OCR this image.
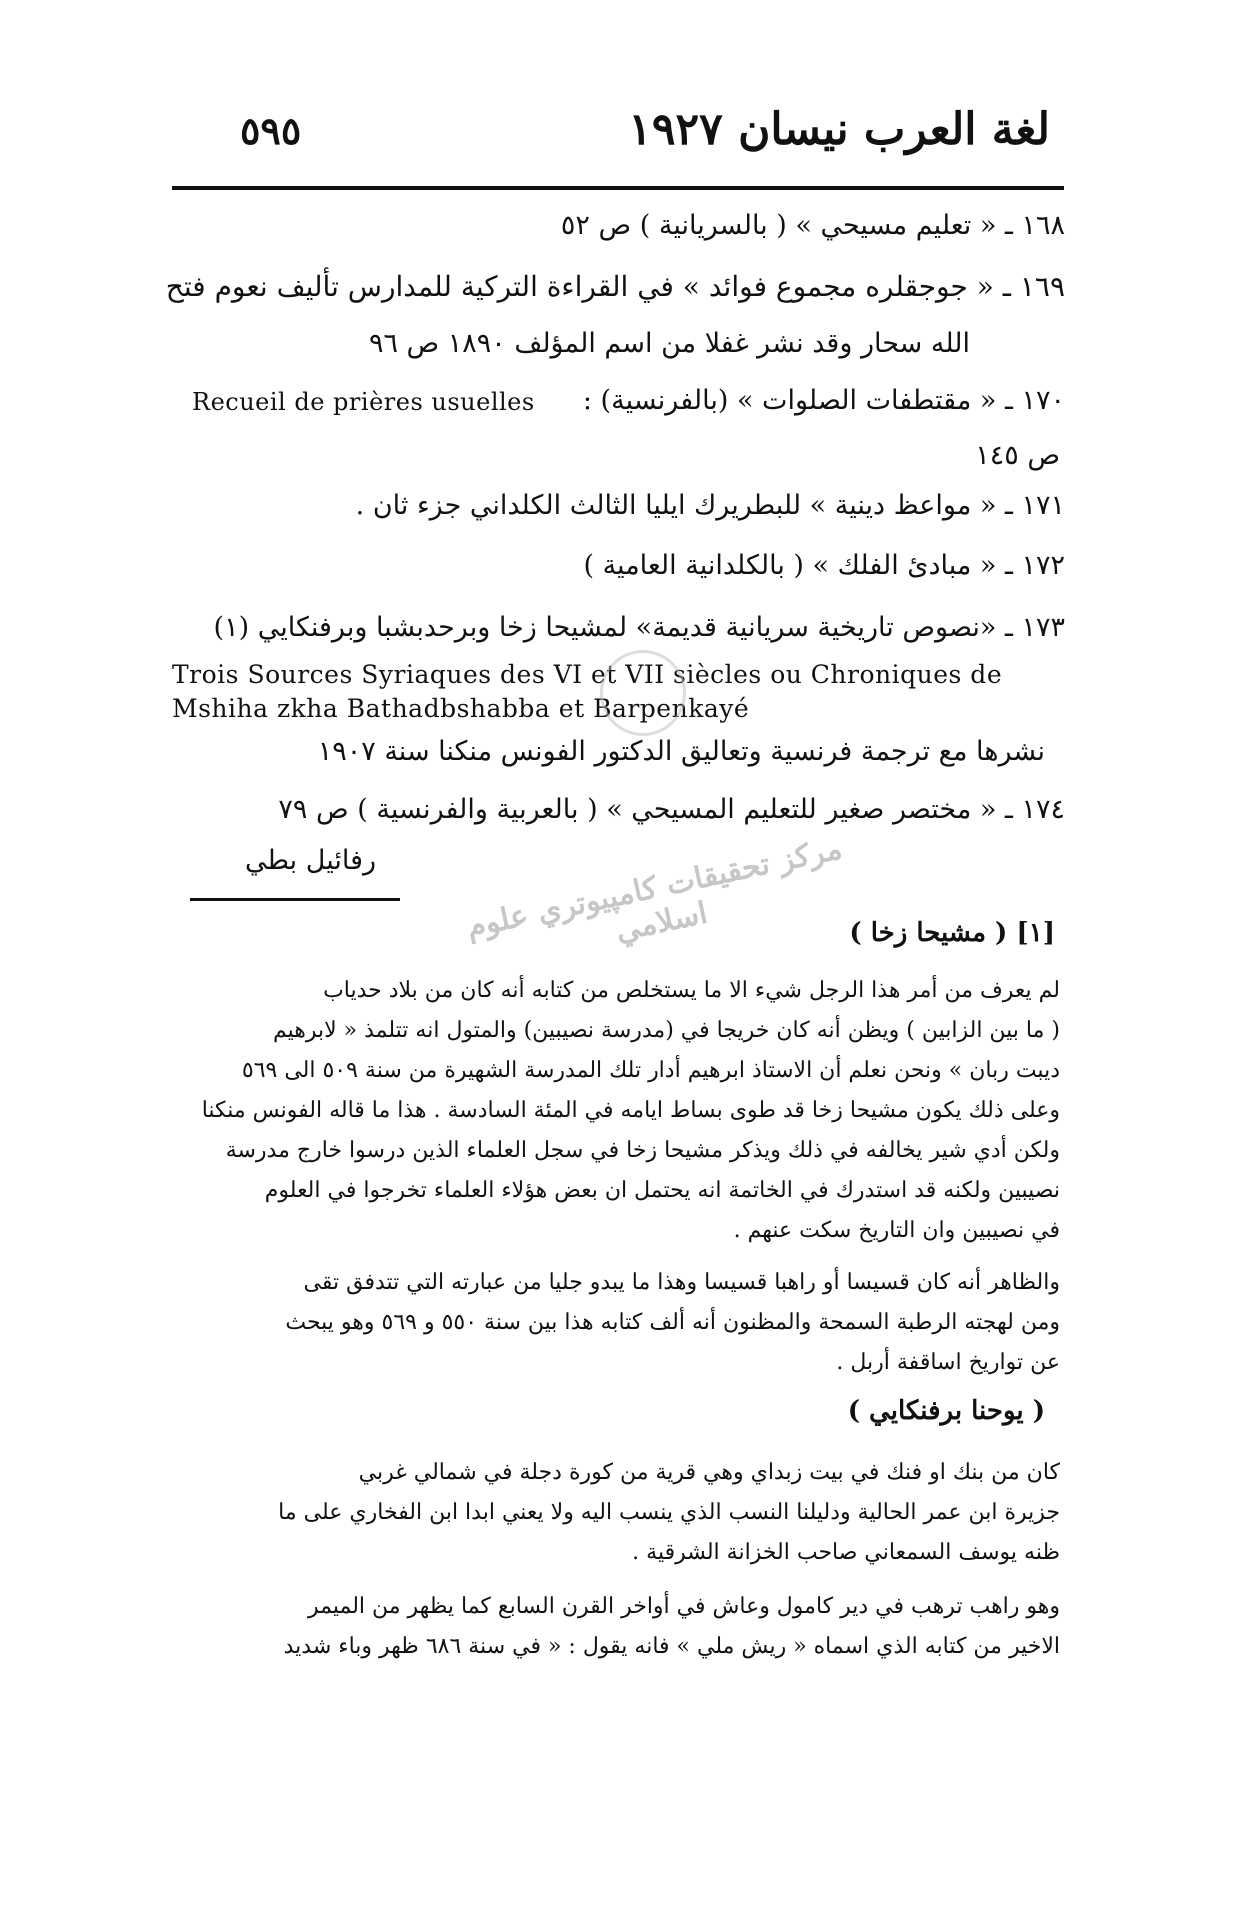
لغة العرب نيسان ١٩٢٧
٥٩٥
١٦٨ ـ « تعليم مسيحي » ( بالسريانية ) ص ٥٢
١٦٩ ـ « جوجقلره مجموع فوائد » في القراءة التركية للمدارس تأليف نعوم فتح
الله سحار وقد نشر غفلا من اسم المؤلف ١٨٩٠ ص ٩٦
١٧٠ ـ « مقتطفات الصلوات » (بالفرنسية) :
Recueil de prières usuelles
ص ١٤٥
١٧١ ـ « مواعظ دينية » للبطريرك ايليا الثالث الكلداني جزء ثان .
١٧٢ ـ « مبادئ الفلك » ( بالكلدانية العامية )
١٧٣ ـ «نصوص تاريخية سريانية قديمة» لمشيحا زخا وبرحدبشبا وبرفنكايي (١)
Trois Sources Syriaques des VI et VII siècles ou Chroniques de
Mshiha zkha Bathadbshabba et Barpenkayé
نشرها مع ترجمة فرنسية وتعاليق الدكتور الفونس منكنا سنة ١٩٠٧
١٧٤ ـ « مختصر صغير للتعليم المسيحي » ( بالعربية والفرنسية ) ص ٧٩
رفائيل بطي	مركز تحقيقات كامپيوتري علوم اسلامي	[١] ( مشيحا زخا )
لم يعرف من أمر هذا الرجل شيء الا ما يستخلص من كتابه أنه كان من بلاد حدياب
( ما بين الزابين ) ويظن أنه كان خريجا في (مدرسة نصيبين) والمتول انه تتلمذ « لابرهيم
ديبت ربان » ونحن نعلم أن الاستاذ ابرهيم أدار تلك المدرسة الشهيرة من سنة ٥٠٩ الى ٥٦٩
وعلى ذلك يكون مشيحا زخا قد طوى بساط ايامه في المئة السادسة . هذا ما قاله الفونس منكنا
ولكن أدي شير يخالفه في ذلك ويذكر مشيحا زخا في سجل العلماء الذين درسوا خارج مدرسة
نصيبين ولكنه قد استدرك في الخاتمة انه يحتمل ان بعض هؤلاء العلماء تخرجوا في العلوم
في نصيبين وان التاريخ سكت عنهم .
والظاهر أنه كان قسيسا أو راهبا قسيسا وهذا ما يبدو جليا من عبارته التي تتدفق تقى
ومن لهجته الرطبة السمحة والمظنون أنه ألف كتابه هذا بين سنة ٥٥٠ و ٥٦٩ وهو يبحث
عن تواريخ اساقفة أربل .
( يوحنا برفنكايي )
كان من بنك او فنك في بيت زبداي وهي قرية من كورة دجلة في شمالي غربي
جزيرة ابن عمر الحالية ودليلنا النسب الذي ينسب اليه ولا يعني ابدا ابن الفخاري على ما
ظنه يوسف السمعاني صاحب الخزانة الشرقية .
وهو راهب ترهب في دير كامول وعاش في أواخر القرن السابع كما يظهر من الميمر
الاخير من كتابه الذي اسماه « ريش ملي » فانه يقول : « في سنة ٦٨٦ ظهر وباء شديد
